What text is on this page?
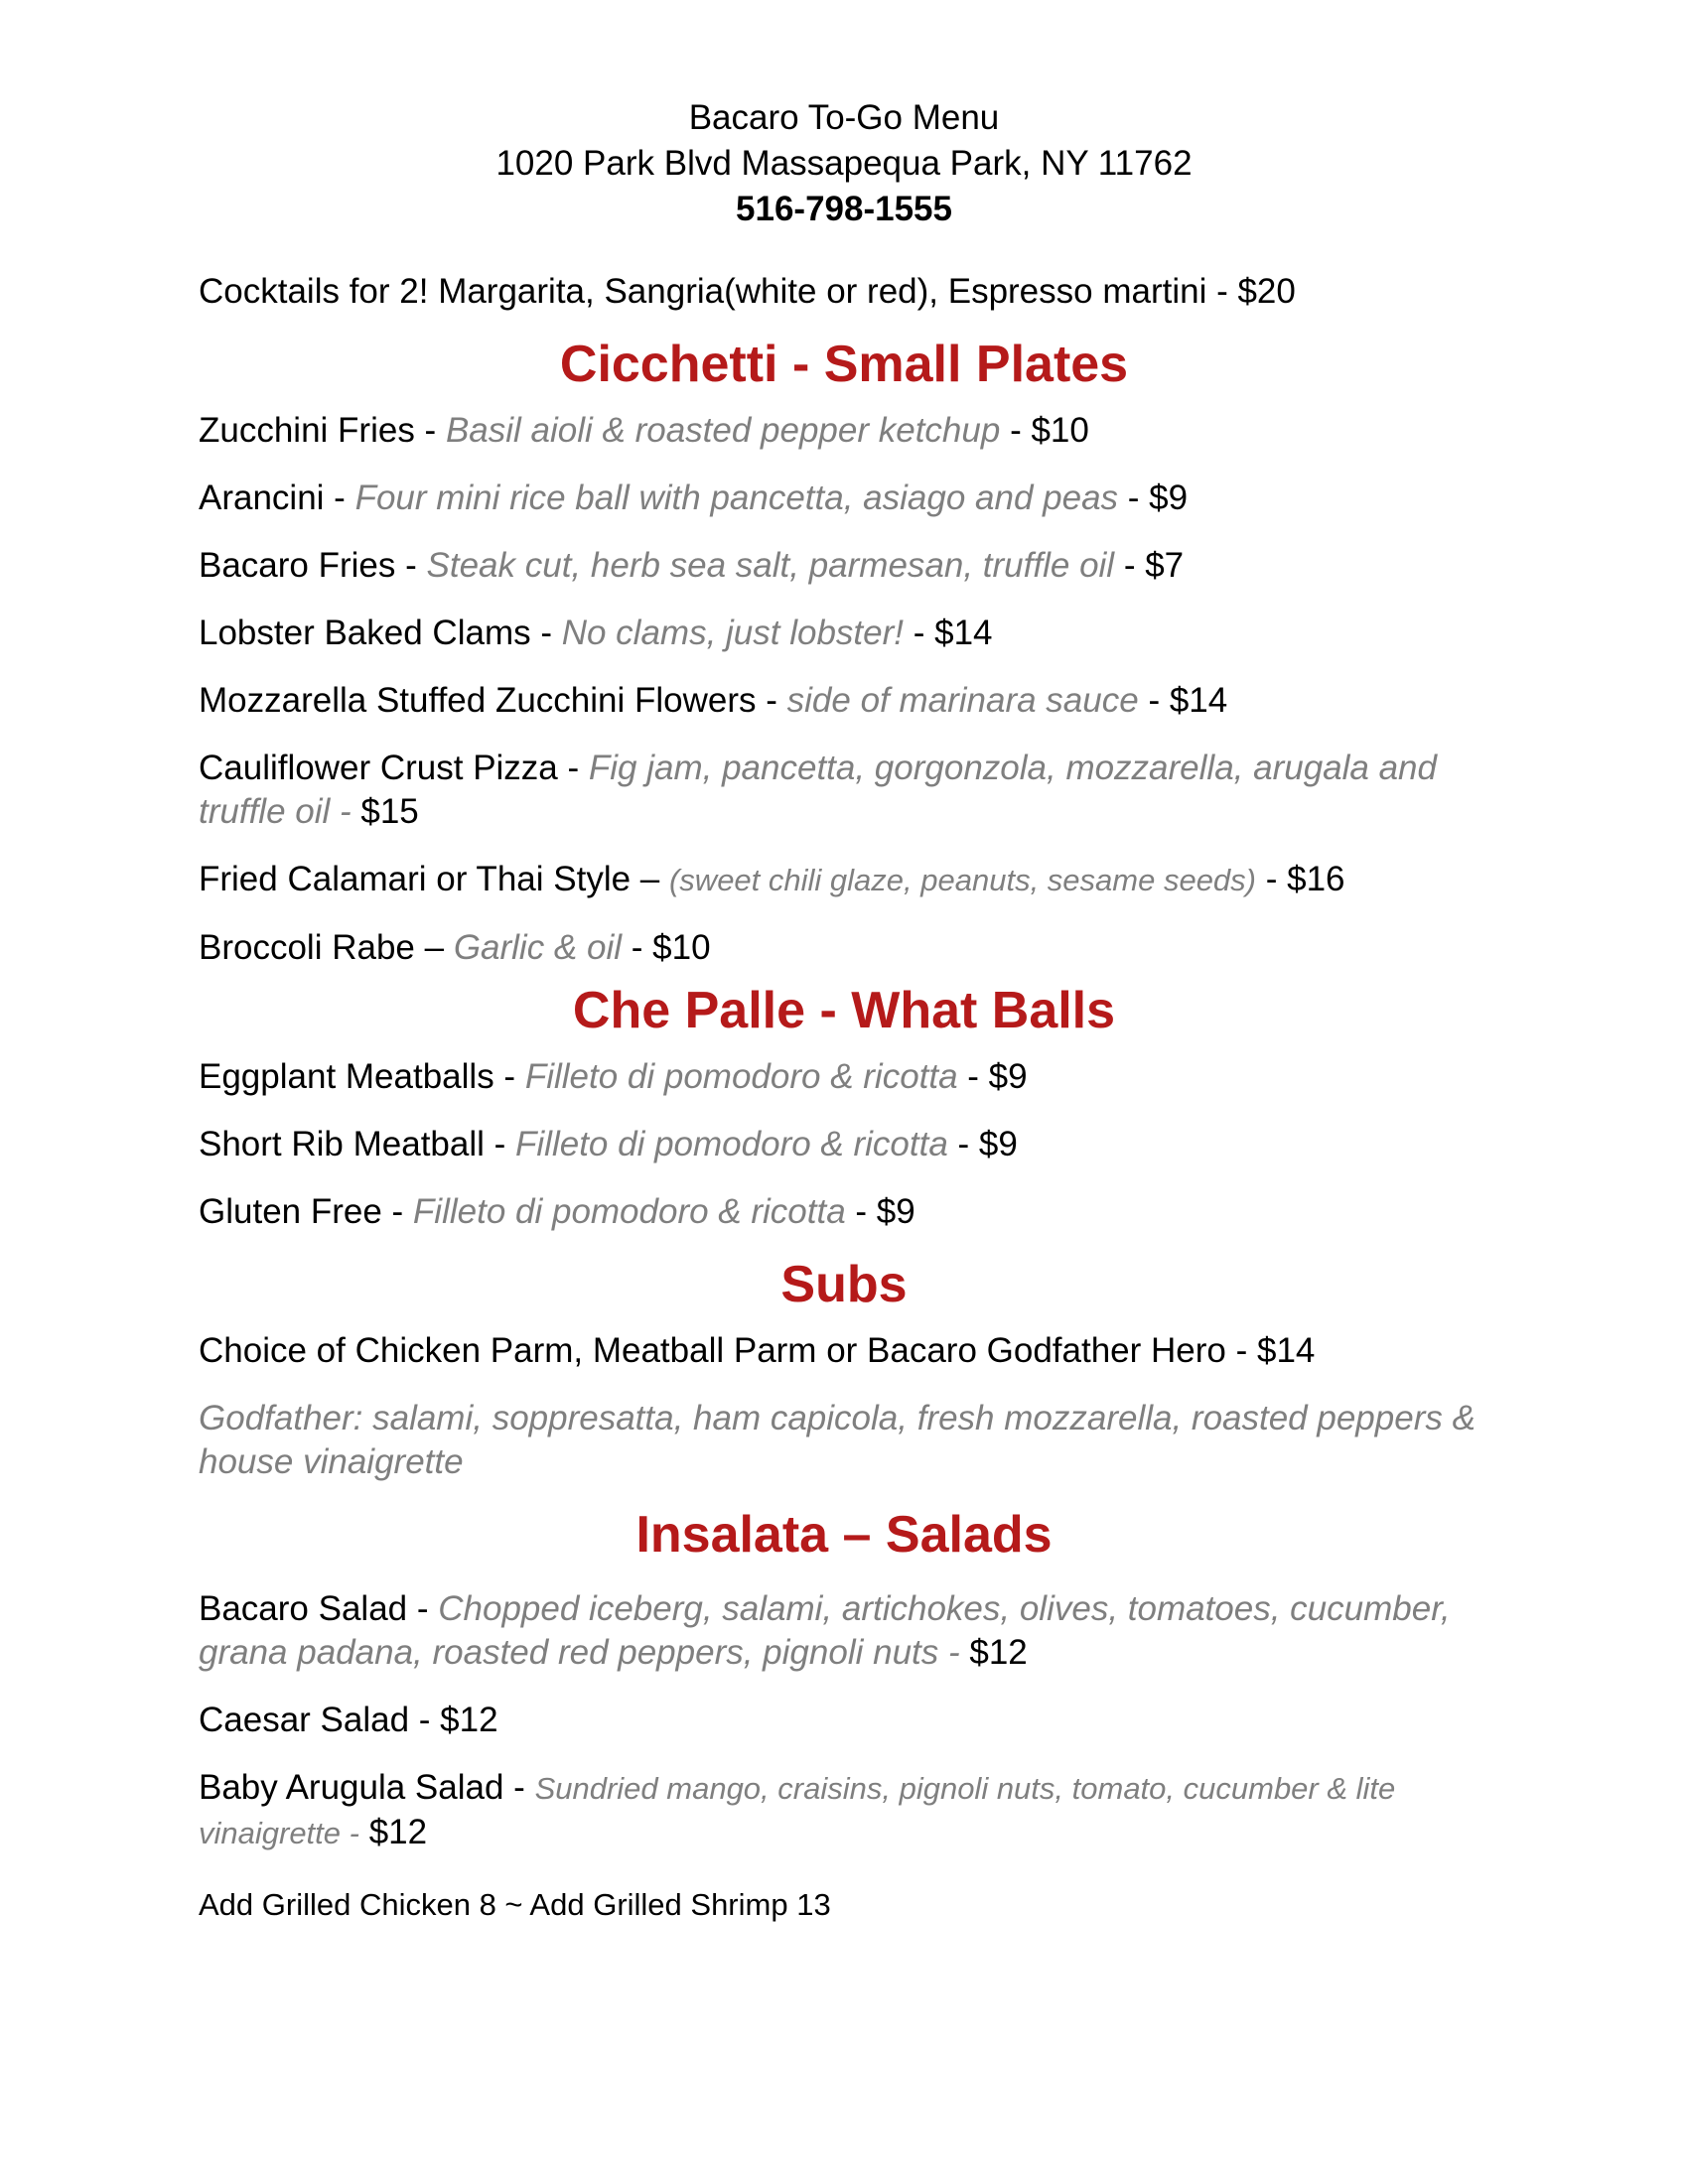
Bacaro To-Go Menu
1020 Park Blvd Massapequa Park, NY 11762
516-798-1555

Cocktails for 2! Margarita, Sangria(white or red), Espresso martini - $20

Cicchetti - Small Plates

Zucchini Fries - Basil aioli & roasted pepper ketchup - $10

Arancini - Four mini rice ball with pancetta, asiago and peas - $9

Bacaro Fries - Steak cut, herb sea salt, parmesan, truffle oil - $7

Lobster Baked Clams - No clams, just lobster! - $14

Mozzarella Stuffed Zucchini Flowers - side of marinara sauce - $14

Cauliflower Crust Pizza - Fig jam, pancetta, gorgonzola, mozzarella, arugala and truffle oil - $15

Fried Calamari or Thai Style – (sweet chili glaze, peanuts, sesame seeds) - $16

Broccoli Rabe – Garlic & oil - $10

Che Palle - What Balls

Eggplant Meatballs - Filleto di pomodoro & ricotta - $9

Short Rib Meatball - Filleto di pomodoro & ricotta - $9

Gluten Free - Filleto di pomodoro & ricotta - $9

Subs

Choice of Chicken Parm, Meatball Parm or Bacaro Godfather Hero - $14

Godfather: salami, soppresatta, ham capicola, fresh mozzarella, roasted peppers & house vinaigrette

Insalata – Salads

Bacaro Salad - Chopped iceberg, salami, artichokes, olives, tomatoes, cucumber, grana padana, roasted red peppers, pignoli nuts - $12

Caesar Salad - $12

Baby Arugula Salad - Sundried mango, craisins, pignoli nuts, tomato, cucumber & lite vinaigrette - $12

Add Grilled Chicken 8 ~ Add Grilled Shrimp 13
